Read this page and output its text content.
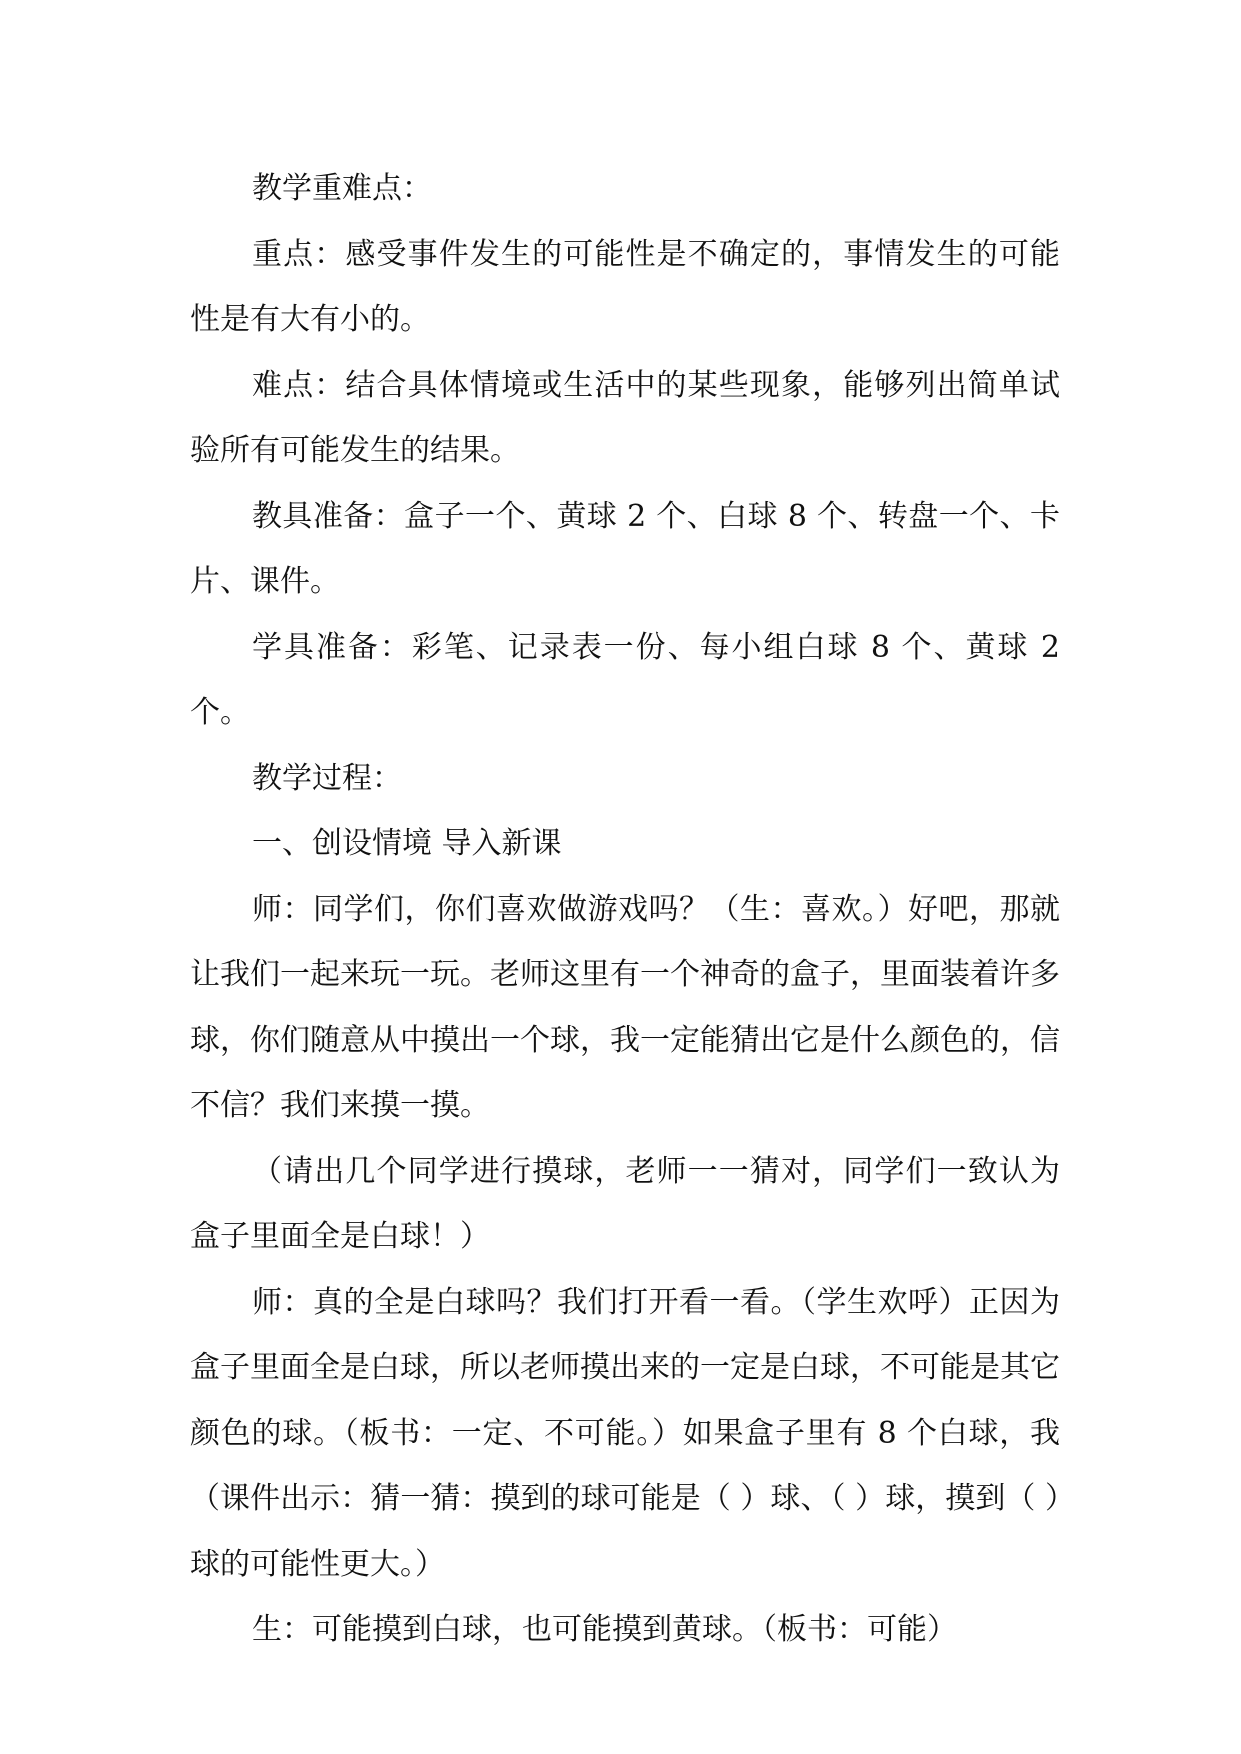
教学重难点：

重点：感受事件发生的可能性是不确定的，事情发生的可能性是有大有小的。

难点：结合具体情境或生活中的某些现象，能够列出简单试验所有可能发生的结果。

教具准备：盒子一个、黄球 2 个、白球 8 个、转盘一个、卡片、课件。

学具准备：彩笔、记录表一份、每小组白球 8 个、黄球 2 个。

教学过程：

一、创设情境 导入新课

师：同学们，你们喜欢做游戏吗？（生：喜欢。）好吧，那就让我们一起来玩一玩。老师这里有一个神奇的盒子，里面装着许多球，你们随意从中摸出一个球，我一定能猜出它是什么颜色的，信不信？我们来摸一摸。

（请出几个同学进行摸球，老师一一猜对，同学们一致认为盒子里面全是白球！）

师：真的全是白球吗？我们打开看一看。（学生欢呼）正因为盒子里面全是白球，所以老师摸出来的一定是白球，不可能是其它颜色的球。（板书：一定、不可能。）如果盒子里有 8 个白球，我（课件出示：猜一猜：摸到的球可能是（ ）球、（ ）球，摸到（ ）球的可能性更大。）

生：可能摸到白球，也可能摸到黄球。（板书：可能）
